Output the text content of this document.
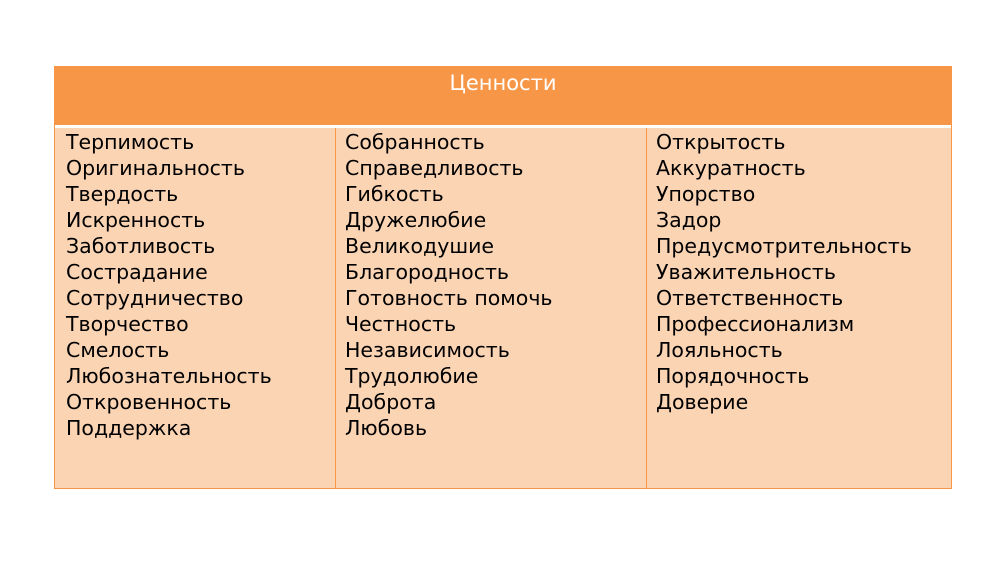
Ценности
Терпимость
Оригинальность
Твердость
Искренность
Заботливость
Сострадание
Сотрудничество
Творчество
Смелость
Любознательность
Откровенность
Поддержка
Собранность
Справедливость
Гибкость
Дружелюбие
Великодушие
Благородность
Готовность помочь
Честность
Независимость
Трудолюбие
Доброта
Любовь
Открытость
Аккуратность
Упорство
Задор
Предусмотрительность
Уважительность
Ответственность
Профессионализм
Лояльность
Порядочность
Доверие
